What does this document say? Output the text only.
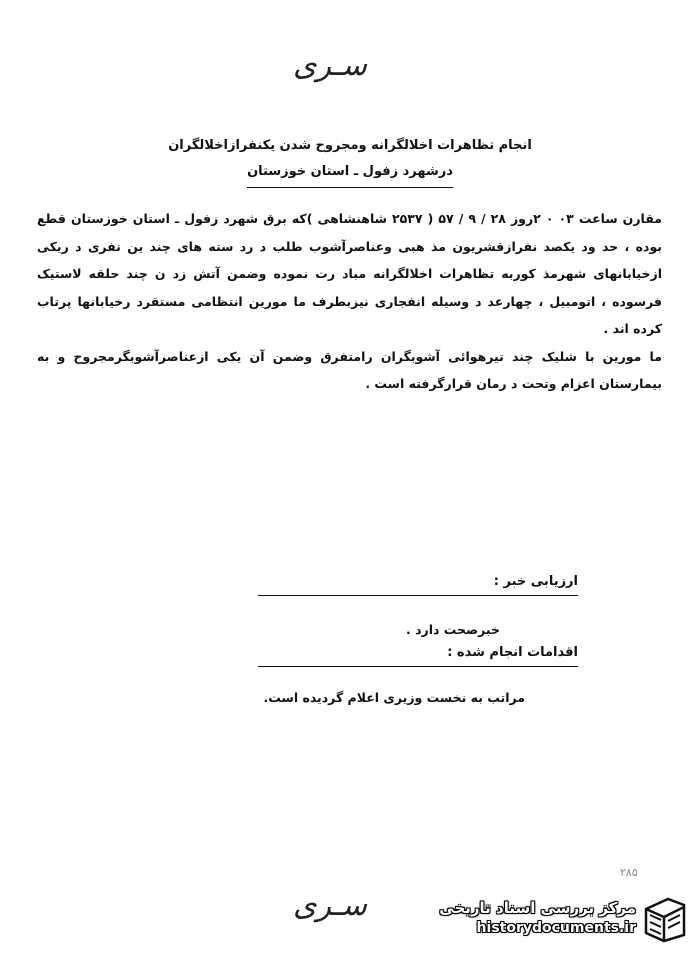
سـری
انجام تظاهرات اخلالگرانه ومجروح شدن یکنفرازاخلالگران
درشهرد زفول ـ استان خوزستان

مقارن ساعت ۰۳ ۰ ۲روز ۲۸ / ۹ / ۵۷ ( ۲۵۳۷ شاهنشاهی )که برق شهرد زفول ـ استان خوزستان قطع بوده ، حد ود یکصد نفرازقشریون مذ هبی وعناصرآشوب طلب د رد سته های چند ین نفری د ریکی ازخیابانهای شهرمذ کوربه تظاهرات اخلالگرانه مباد رت نموده وضمن آتش زد ن چند حلقه لاستیک فرسوده ، اتومبیل ، چهارعد د وسیله انفجاری نیزبطرف ما مورین انتظامی مستقرد رخیابانها پرتاب کرده اند .

ما مورین با شلیک چند تیرهوائی آشوبگران رامتفرق وضمن آن یکی ازعناصرآشوبگرمجروح و به بیمارستان اعزام وتحت د رمان قرارگرفته است .

ارزیابی خبر :
خبرصحت دارد .
اقدامات انجام شده :
مراتب به نخست وزیری اعلام گردیده است.
۲۸۵
سـری	مرکز بررسی اسناد تاریخی
historydocuments.ir
